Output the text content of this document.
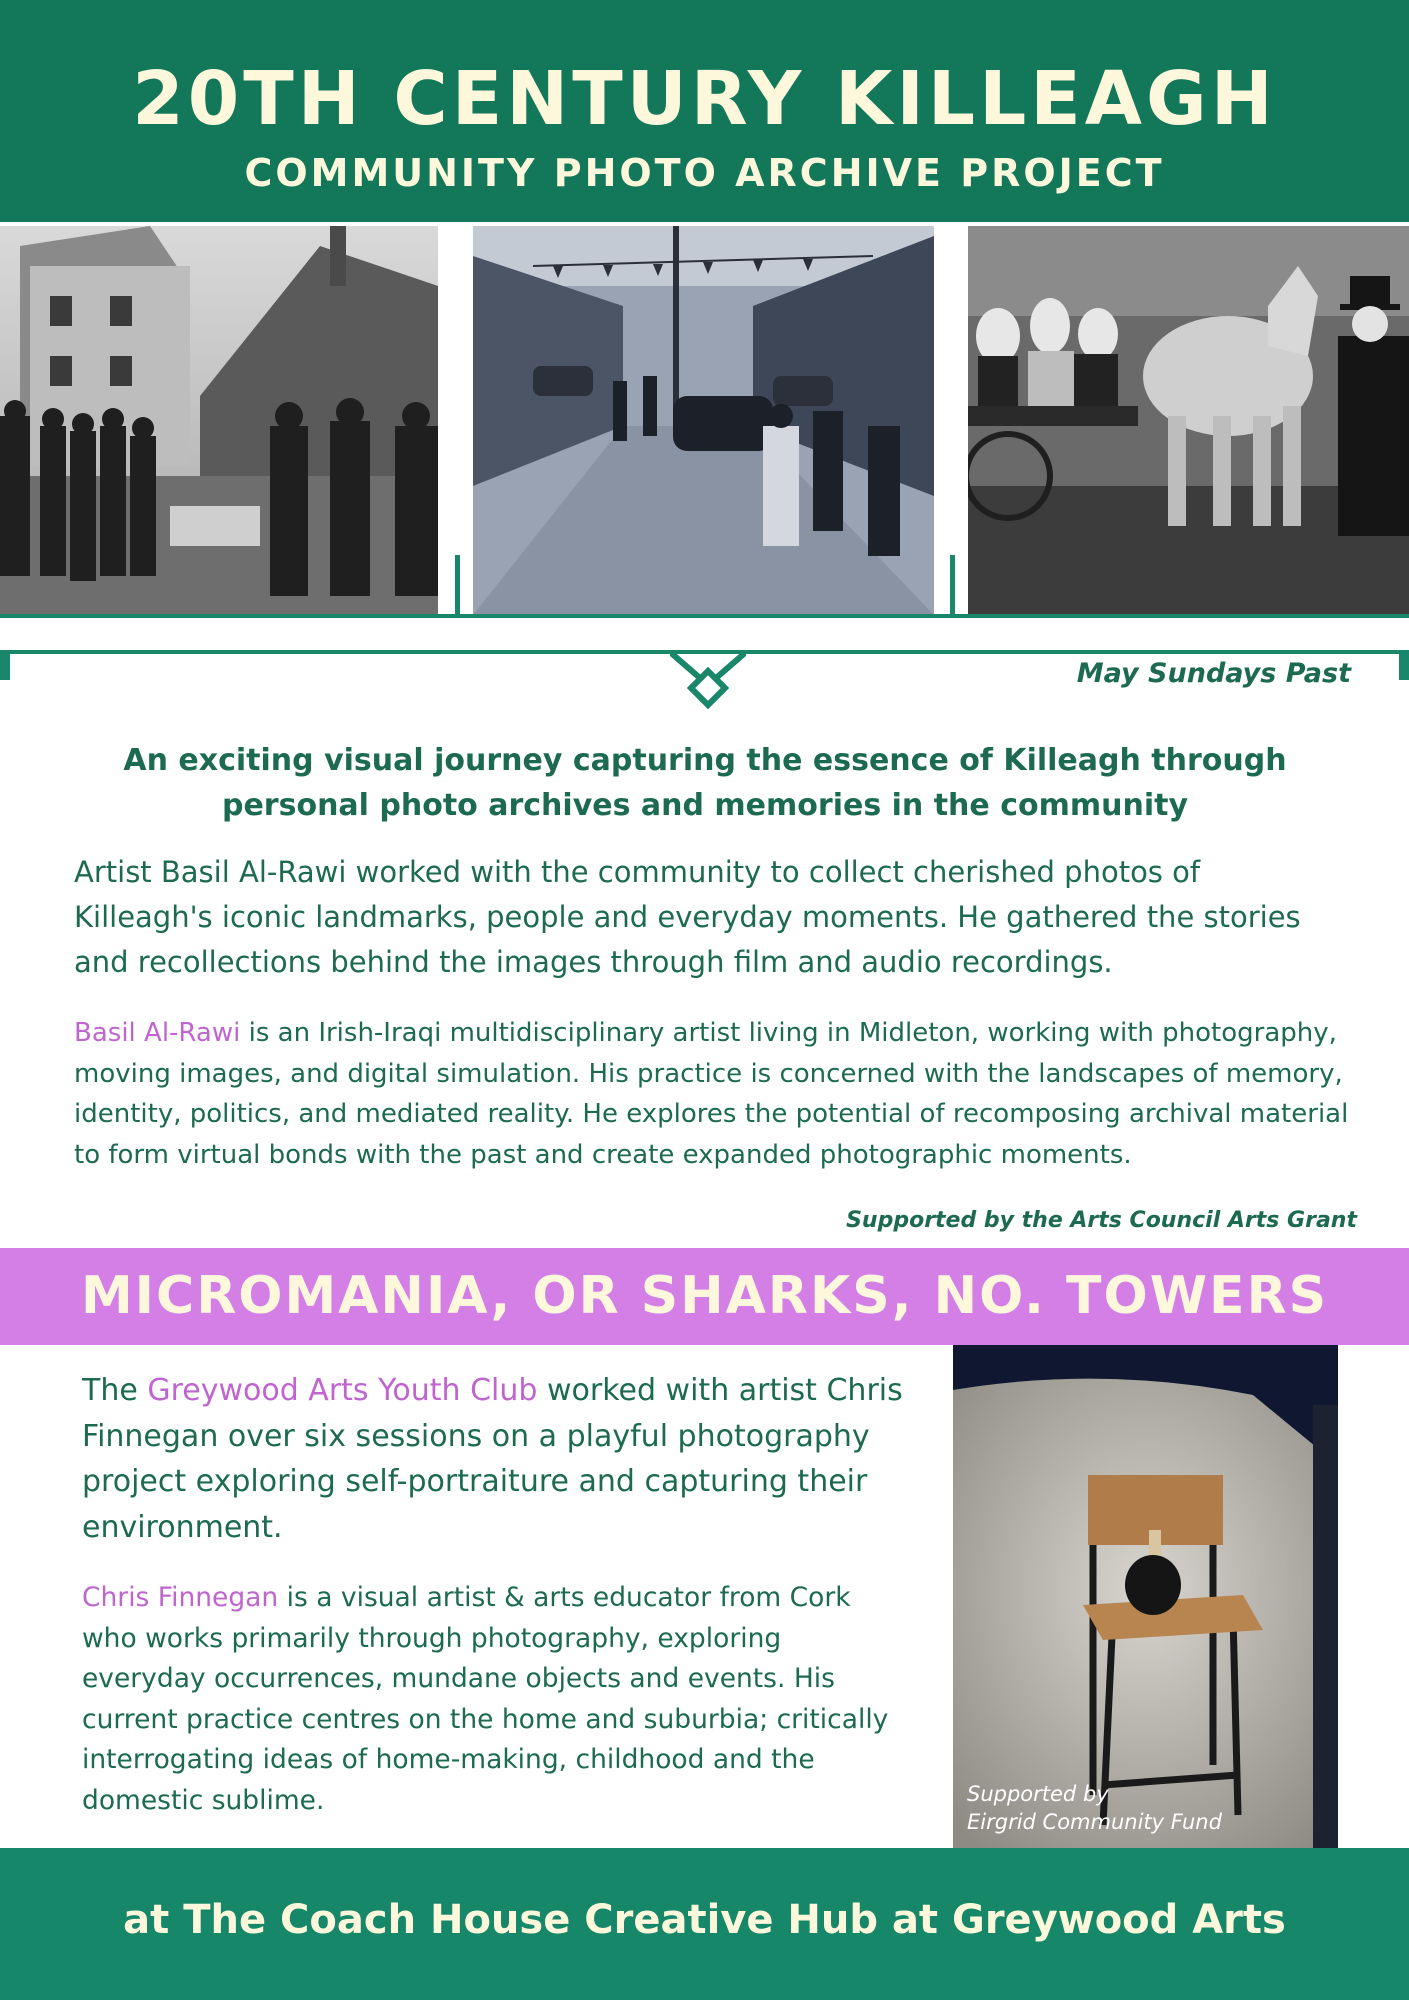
20TH CENTURY KILLEAGH
COMMUNITY PHOTO ARCHIVE PROJECT
May Sundays Past
An exciting visual journey capturing the essence of Killeagh through personal photo archives and memories in the community
Artist Basil Al-Rawi worked with the community to collect cherished photos of Killeagh's iconic landmarks, people and everyday moments. He gathered the stories and recollections behind the images through film and audio recordings.
Basil Al-Rawi is an Irish-Iraqi multidisciplinary artist living in Midleton, working with photography, moving images, and digital simulation. His practice is concerned with the landscapes of memory, identity, politics, and mediated reality. He explores the potential of recomposing archival material to form virtual bonds with the past and create expanded photographic moments.
Supported by the Arts Council Arts Grant
MICROMANIA, OR SHARKS, NO. TOWERS
The Greywood Arts Youth Club worked with artist Chris Finnegan over six sessions on a playful photography project exploring self-portraiture and capturing their environment.
Chris Finnegan is a visual artist & arts educator from Cork who works primarily through photography, exploring everyday occurrences, mundane objects and events. His current practice centres on the home and suburbia; critically interrogating ideas of home-making, childhood and the domestic sublime.	Supported by
Eirgrid Community Fund
at The Coach House Creative Hub at Greywood Arts
